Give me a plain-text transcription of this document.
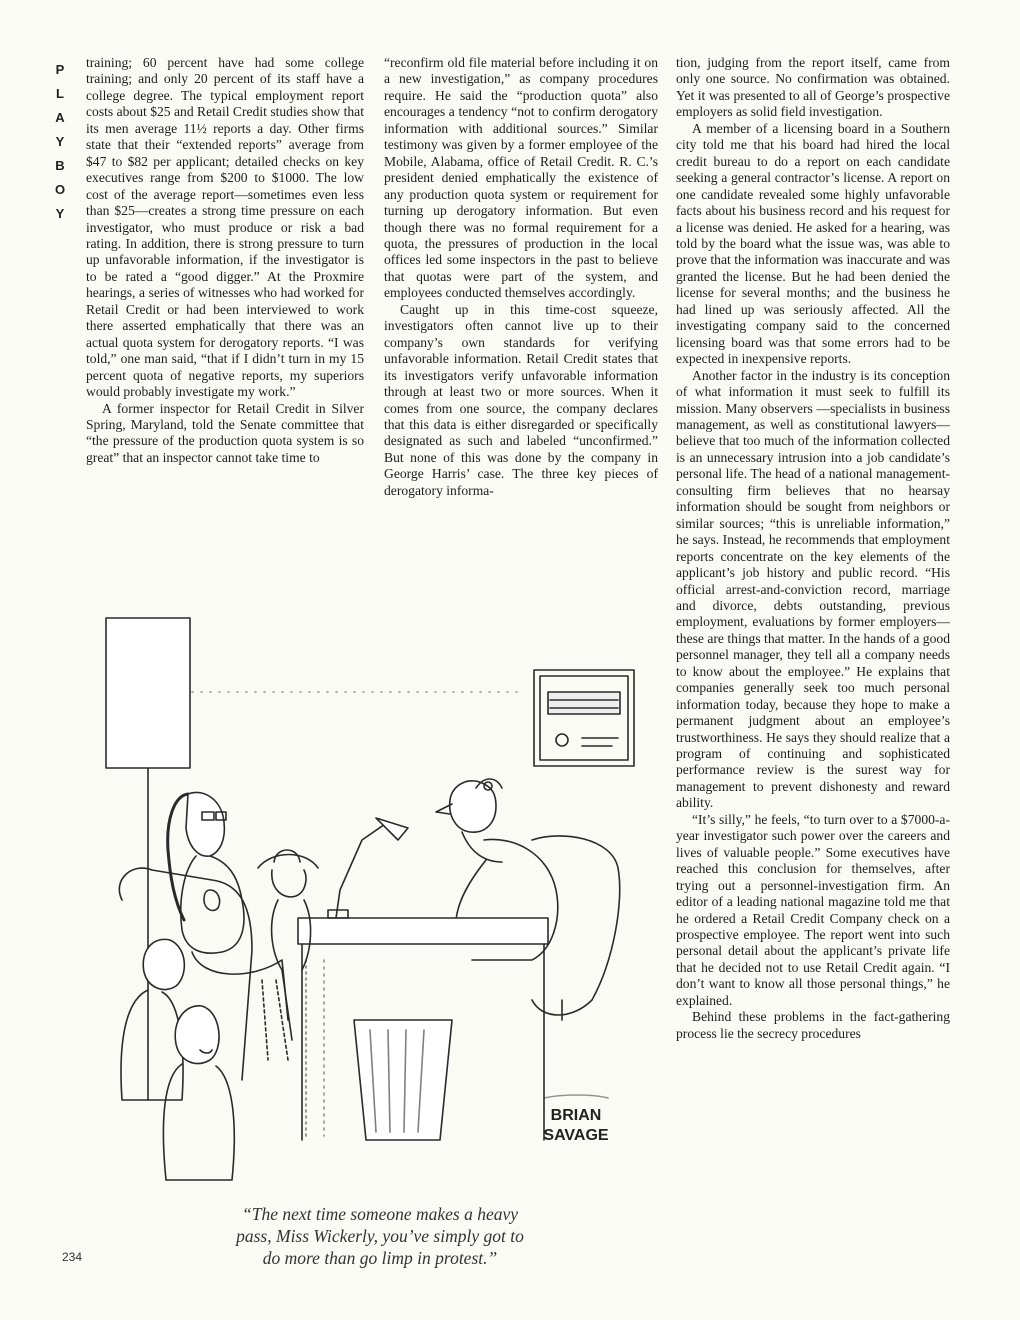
P
L
A
Y
B
O
Y

training; 60 percent have had some college training; and only 20 percent of its staff have a college degree. The typical employment report costs about $25 and Retail Credit studies show that its men average 11½ reports a day. Other firms state that their “extended reports” average from $47 to $82 per applicant; detailed checks on key executives range from $200 to $1000. The low cost of the average report—sometimes even less than $25—creates a strong time pressure on each investigator, who must produce or risk a bad rating. In addition, there is strong pressure to turn up unfavorable information, if the investigator is to be rated a “good digger.” At the Proxmire hearings, a series of witnesses who had worked for Retail Credit or had been interviewed to work there asserted emphatically that there was an actual quota system for derogatory reports. “I was told,” one man said, “that if I didn’t turn in my 15 percent quota of negative reports, my superiors would probably investigate my work.”

A former inspector for Retail Credit in Silver Spring, Maryland, told the Senate committee that “the pressure of the production quota system is so great” that an inspector cannot take time to

“reconfirm old file material before including it on a new investigation,” as company procedures require. He said the “production quota” also encourages a tendency “not to confirm derogatory information with additional sources.” Similar testimony was given by a former employee of the Mobile, Alabama, office of Retail Credit. R. C.’s president denied emphatically the existence of any production quota system or requirement for turning up derogatory information. But even though there was no formal requirement for a quota, the pressures of production in the local offices led some inspectors in the past to believe that quotas were part of the system, and employees conducted themselves accordingly.

Caught up in this time-cost squeeze, investigators often cannot live up to their company’s own standards for verifying unfavorable information. Retail Credit states that its investigators verify unfavorable information through at least two or more sources. When it comes from one source, the company declares that this data is either disregarded or specifically designated as such and labeled “unconfirmed.” But none of this was done by the company in George Harris’ case. The three key pieces of derogatory informa-

tion, judging from the report itself, came from only one source. No confirmation was obtained. Yet it was presented to all of George’s prospective employers as solid field investigation.

A member of a licensing board in a Southern city told me that his board had hired the local credit bureau to do a report on each candidate seeking a general contractor’s license. A report on one candidate revealed some highly unfavorable facts about his business record and his request for a license was denied. He asked for a hearing, was told by the board what the issue was, was able to prove that the information was inaccurate and was granted the license. But he had been denied the license for several months; and the business he had lined up was seriously affected. All the investigating company said to the concerned licensing board was that some errors had to be expected in inexpensive reports.

Another factor in the industry is its conception of what information it must seek to fulfill its mission. Many observers —specialists in business management, as well as constitutional lawyers—believe that too much of the information collected is an unnecessary intrusion into a job candidate’s personal life. The head of a national management-consulting firm believes that no hearsay information should be sought from neighbors or similar sources; “this is unreliable information,” he says. Instead, he recommends that employment reports concentrate on the key elements of the applicant’s job history and public record. “His official arrest-and-conviction record, marriage and divorce, debts outstanding, previous employment, evaluations by former employers—these are things that matter. In the hands of a good personnel manager, they tell all a company needs to know about the employee.” He explains that companies generally seek too much personal information today, because they hope to make a permanent judgment about an employee’s trustworthiness. He says they should realize that a program of continuing and sophisticated performance review is the surest way for management to prevent dishonesty and reward ability.

“It’s silly,” he feels, “to turn over to a $7000-a-year investigator such power over the careers and lives of valuable people.” Some executives have reached this conclusion for themselves, after trying out a personnel-investigation firm. An editor of a leading national magazine told me that he ordered a Retail Credit Company check on a prospective employee. The report went into such personal detail about the applicant’s private life that he decided not to use Retail Credit again. “I don’t want to know all those personal things,” he explained.

Behind these problems in the fact-gathering process lie the secrecy procedures

BRIAN
SAVAGE
“The next time someone makes a heavy
pass, Miss Wickerly, you’ve simply got to
do more than go limp in protest.”
234
